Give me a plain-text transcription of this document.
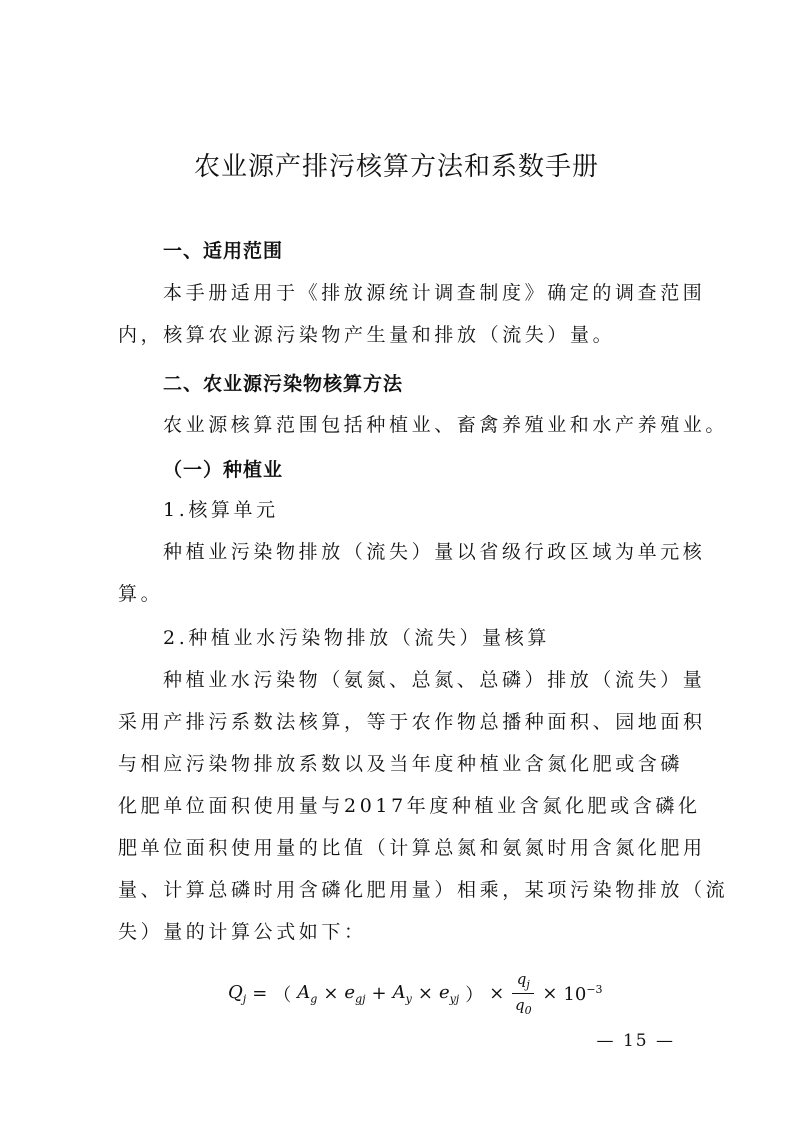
农业源产排污核算方法和系数手册
一、适用范围
本手册适用于《排放源统计调查制度》确定的调查范围
内，核算农业源污染物产生量和排放（流失）量。
二、农业源污染物核算方法
农业源核算范围包括种植业、畜禽养殖业和水产养殖业。
（一）种植业
1.核算单元
种植业污染物排放（流失）量以省级行政区域为单元核
算。
2.种植业水污染物排放（流失）量核算
种植业水污染物（氨氮、总氮、总磷）排放（流失）量
采用产排污系数法核算，等于农作物总播种面积、园地面积
与相应污染物排放系数以及当年度种植业含氮化肥或含磷
化肥单位面积使用量与2017年度种植业含氮化肥或含磷化
肥单位面积使用量的比值（计算总氮和氨氮时用含氮化肥用
量、计算总磷时用含磷化肥用量）相乘，某项污染物排放（流
失）量的计算公式如下：
$Q_j$ = （ $A_g \times e_{gj} + A_y \times e_{yj}$ ） × $\frac{q_j}{q_0} \times 10^{-3}$
— 15 —
